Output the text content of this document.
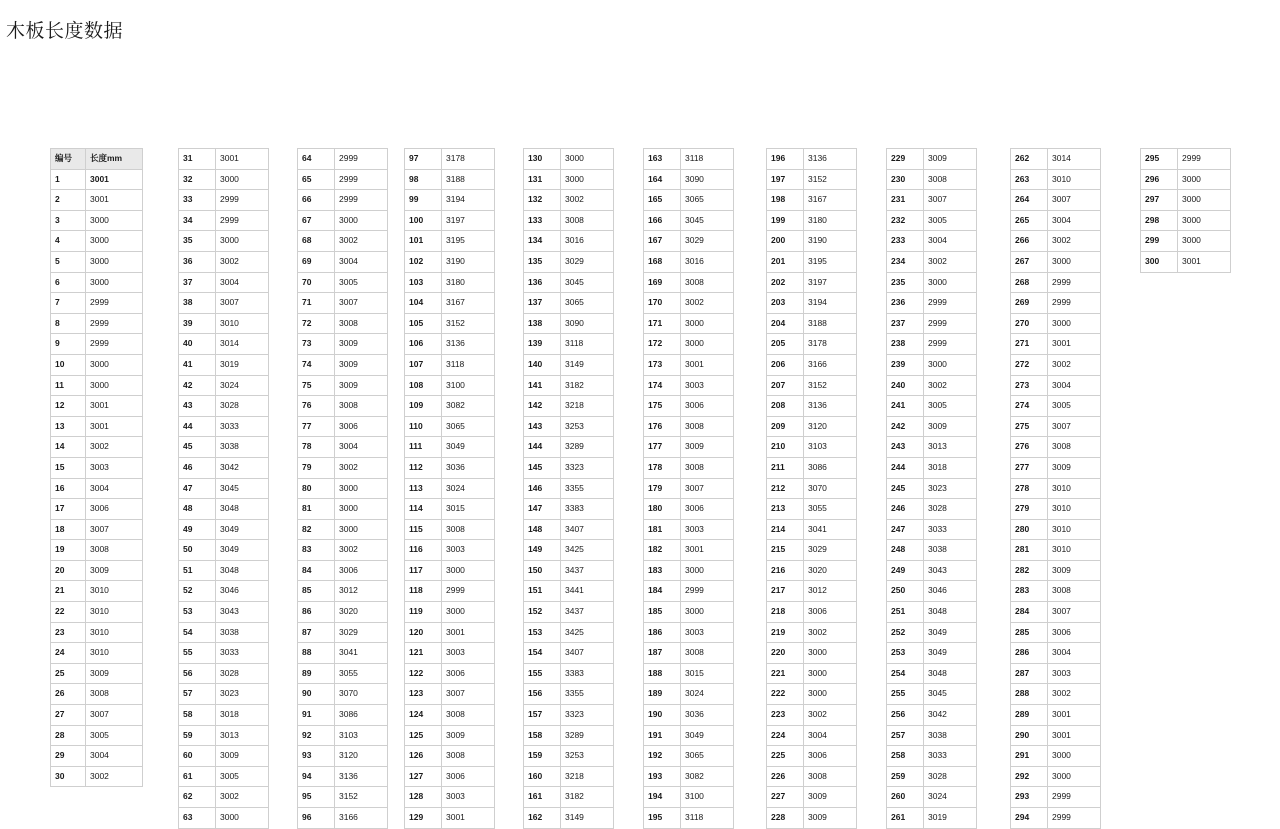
木板长度数据
编号	长度mm
1	3001
2	3001
3	3000
4	3000
5	3000
6	3000
7	2999
8	2999
9	2999
10	3000
11	3000
12	3001
13	3001
14	3002
15	3003
16	3004
17	3006
18	3007
19	3008
20	3009
21	3010
22	3010
23	3010
24	3010
25	3009
26	3008
27	3007
28	3005
29	3004
30	3002
31	3001
32	3000
33	2999
34	2999
35	3000
36	3002
37	3004
38	3007
39	3010
40	3014
41	3019
42	3024
43	3028
44	3033
45	3038
46	3042
47	3045
48	3048
49	3049
50	3049
51	3048
52	3046
53	3043
54	3038
55	3033
56	3028
57	3023
58	3018
59	3013
60	3009
61	3005
62	3002
63	3000
64	2999
65	2999
66	2999
67	3000
68	3002
69	3004
70	3005
71	3007
72	3008
73	3009
74	3009
75	3009
76	3008
77	3006
78	3004
79	3002
80	3000
81	3000
82	3000
83	3002
84	3006
85	3012
86	3020
87	3029
88	3041
89	3055
90	3070
91	3086
92	3103
93	3120
94	3136
95	3152
96	3166
97	3178
98	3188
99	3194
100	3197
101	3195
102	3190
103	3180
104	3167
105	3152
106	3136
107	3118
108	3100
109	3082
110	3065
111	3049
112	3036
113	3024
114	3015
115	3008
116	3003
117	3000
118	2999
119	3000
120	3001
121	3003
122	3006
123	3007
124	3008
125	3009
126	3008
127	3006
128	3003
129	3001
130	3000
131	3000
132	3002
133	3008
134	3016
135	3029
136	3045
137	3065
138	3090
139	3118
140	3149
141	3182
142	3218
143	3253
144	3289
145	3323
146	3355
147	3383
148	3407
149	3425
150	3437
151	3441
152	3437
153	3425
154	3407
155	3383
156	3355
157	3323
158	3289
159	3253
160	3218
161	3182
162	3149
163	3118
164	3090
165	3065
166	3045
167	3029
168	3016
169	3008
170	3002
171	3000
172	3000
173	3001
174	3003
175	3006
176	3008
177	3009
178	3008
179	3007
180	3006
181	3003
182	3001
183	3000
184	2999
185	3000
186	3003
187	3008
188	3015
189	3024
190	3036
191	3049
192	3065
193	3082
194	3100
195	3118
196	3136
197	3152
198	3167
199	3180
200	3190
201	3195
202	3197
203	3194
204	3188
205	3178
206	3166
207	3152
208	3136
209	3120
210	3103
211	3086
212	3070
213	3055
214	3041
215	3029
216	3020
217	3012
218	3006
219	3002
220	3000
221	3000
222	3000
223	3002
224	3004
225	3006
226	3008
227	3009
228	3009
229	3009
230	3008
231	3007
232	3005
233	3004
234	3002
235	3000
236	2999
237	2999
238	2999
239	3000
240	3002
241	3005
242	3009
243	3013
244	3018
245	3023
246	3028
247	3033
248	3038
249	3043
250	3046
251	3048
252	3049
253	3049
254	3048
255	3045
256	3042
257	3038
258	3033
259	3028
260	3024
261	3019
262	3014
263	3010
264	3007
265	3004
266	3002
267	3000
268	2999
269	2999
270	3000
271	3001
272	3002
273	3004
274	3005
275	3007
276	3008
277	3009
278	3010
279	3010
280	3010
281	3010
282	3009
283	3008
284	3007
285	3006
286	3004
287	3003
288	3002
289	3001
290	3001
291	3000
292	3000
293	2999
294	2999
295	2999
296	3000
297	3000
298	3000
299	3000
300	3001
